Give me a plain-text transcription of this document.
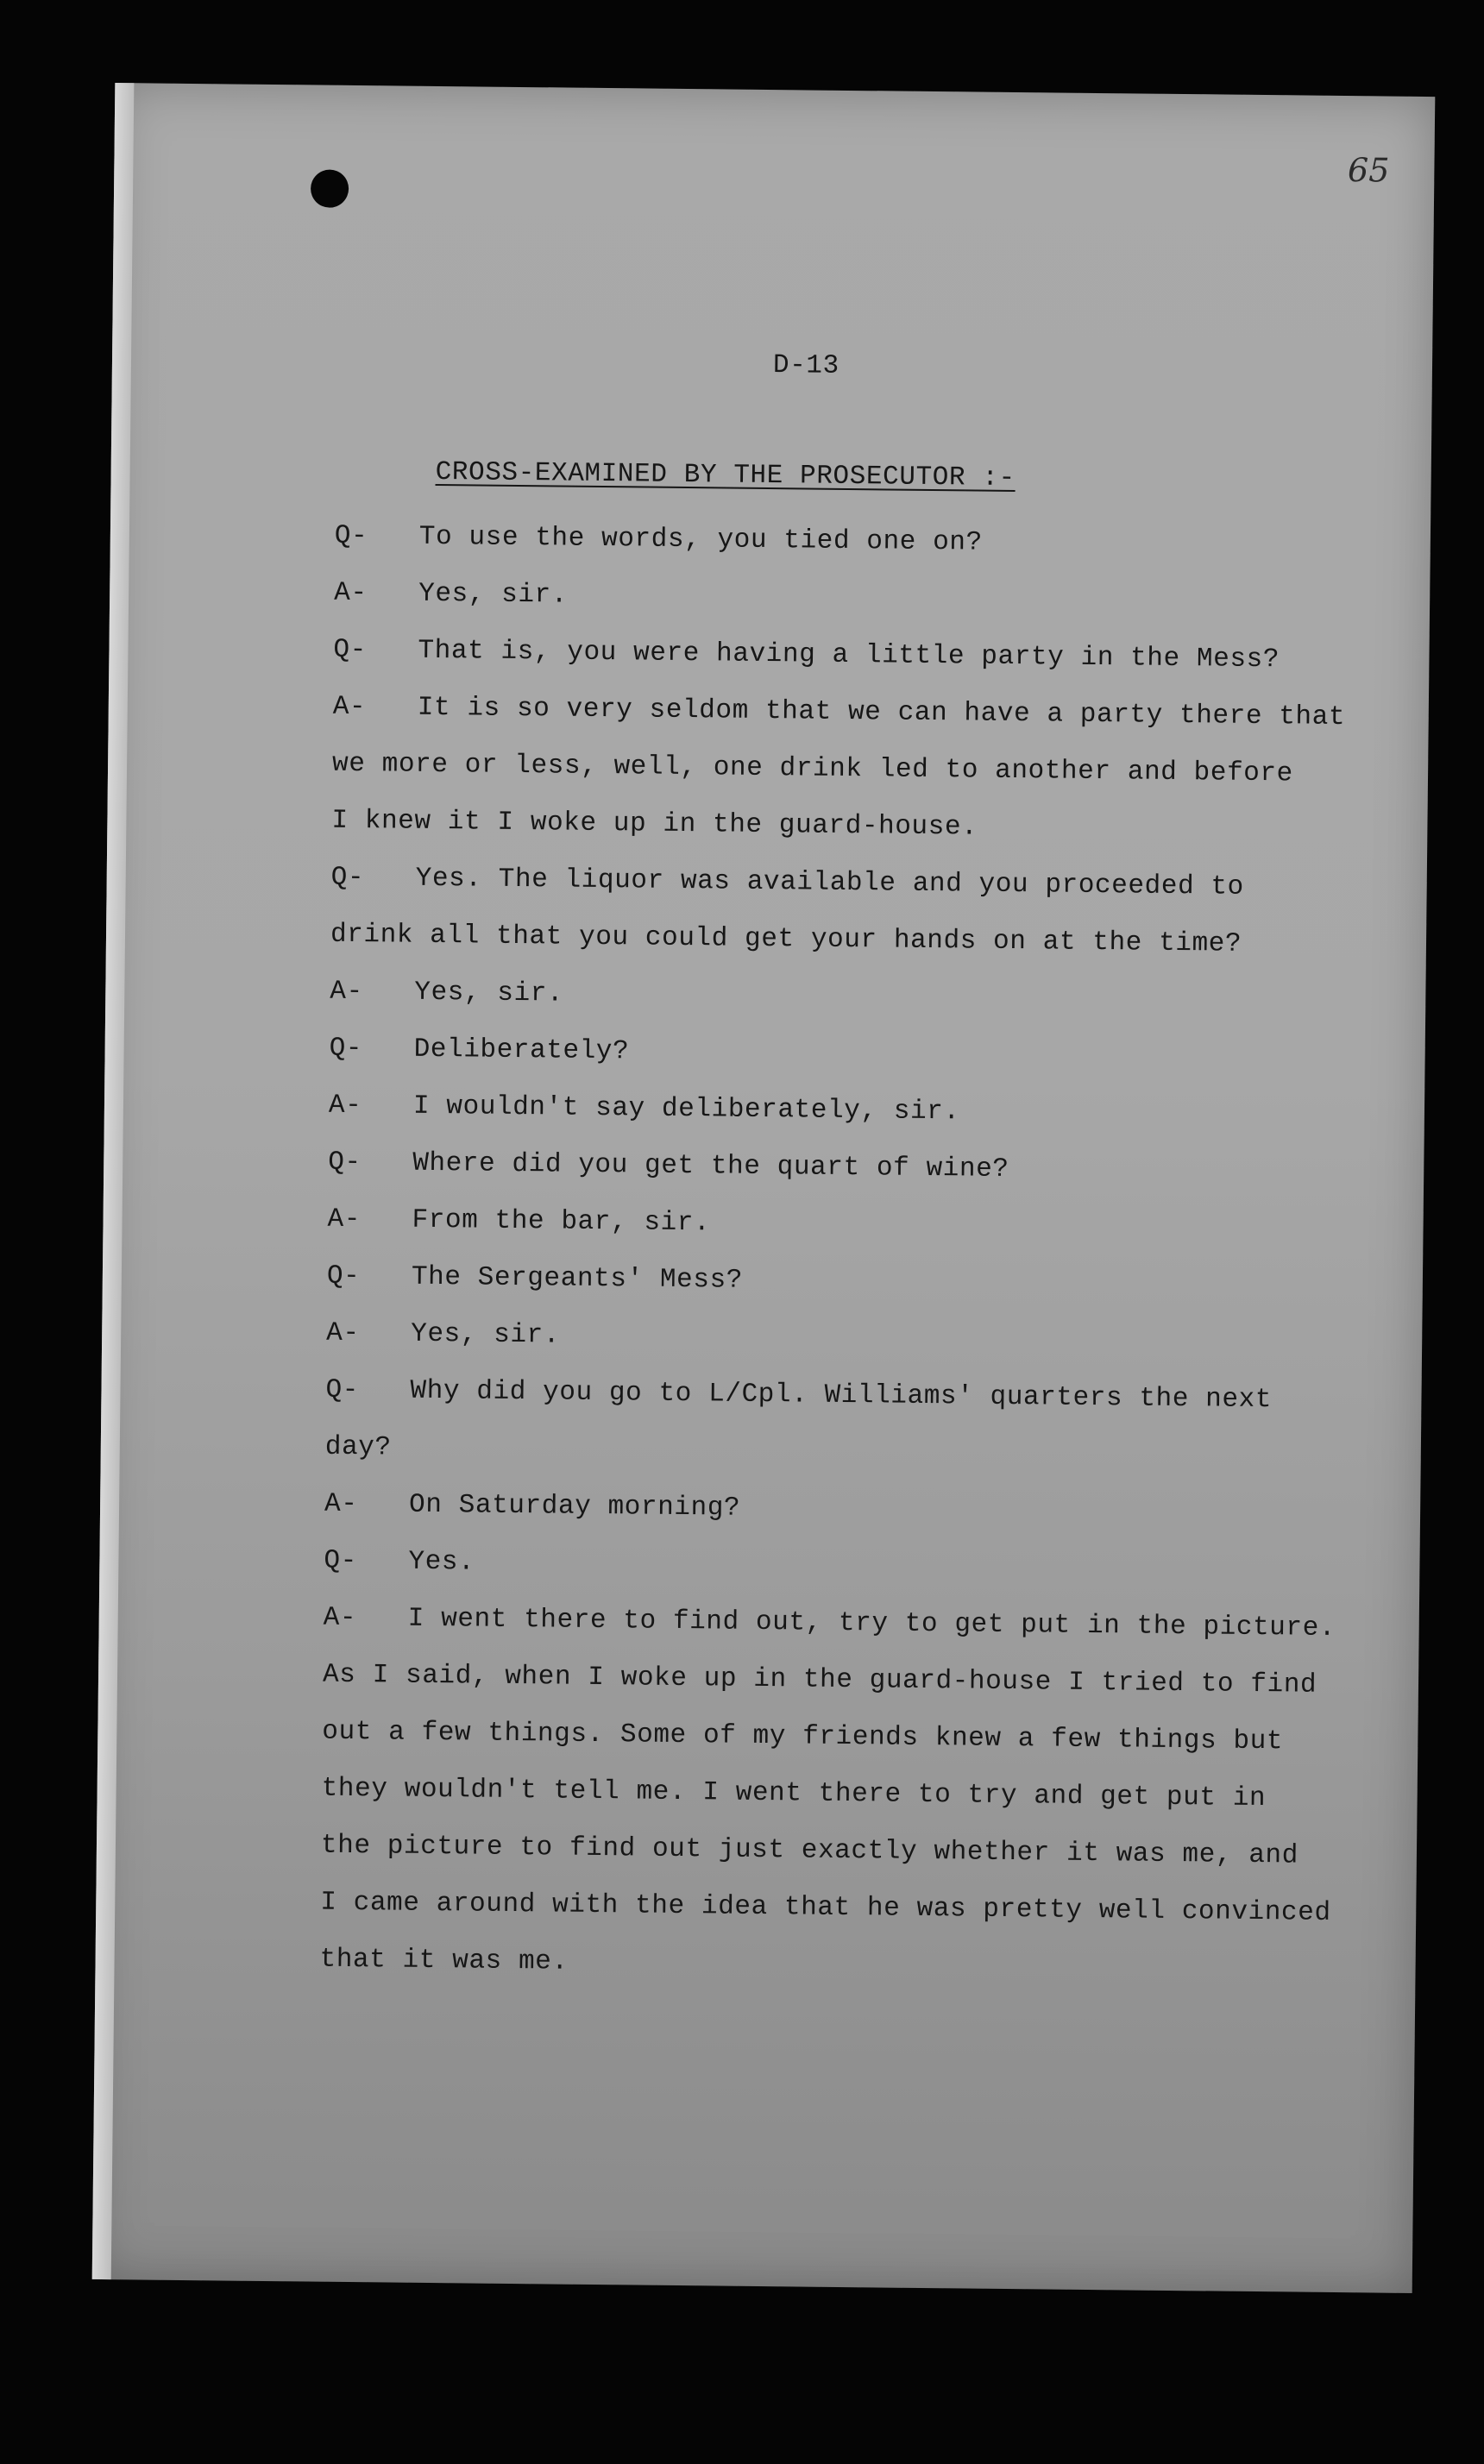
65
D-13
CROSS-EXAMINED BY THE PROSECUTOR :-

Q- To use the words, you tied one on?

A- Yes, sir.

Q- That is, you were having a little party in the Mess?

A- It is so very seldom that we can have a party there that

we more or less, well, one drink led to another and before

I knew it I woke up in the guard-house.

Q- Yes. The liquor was available and you proceeded to

drink all that you could get your hands on at the time?

A- Yes, sir.

Q- Deliberately?

A- I wouldn't say deliberately, sir.

Q- Where did you get the quart of wine?

A- From the bar, sir.

Q- The Sergeants' Mess?

A- Yes, sir.

Q- Why did you go to L/Cpl. Williams' quarters the next

day?

A- On Saturday morning?

Q- Yes.

A- I went there to find out, try to get put in the picture.

As I said, when I woke up in the guard-house I tried to find

out a few things. Some of my friends knew a few things but

they wouldn't tell me. I went there to try and get put in

the picture to find out just exactly whether it was me, and

I came around with the idea that he was pretty well convinced

that it was me.
